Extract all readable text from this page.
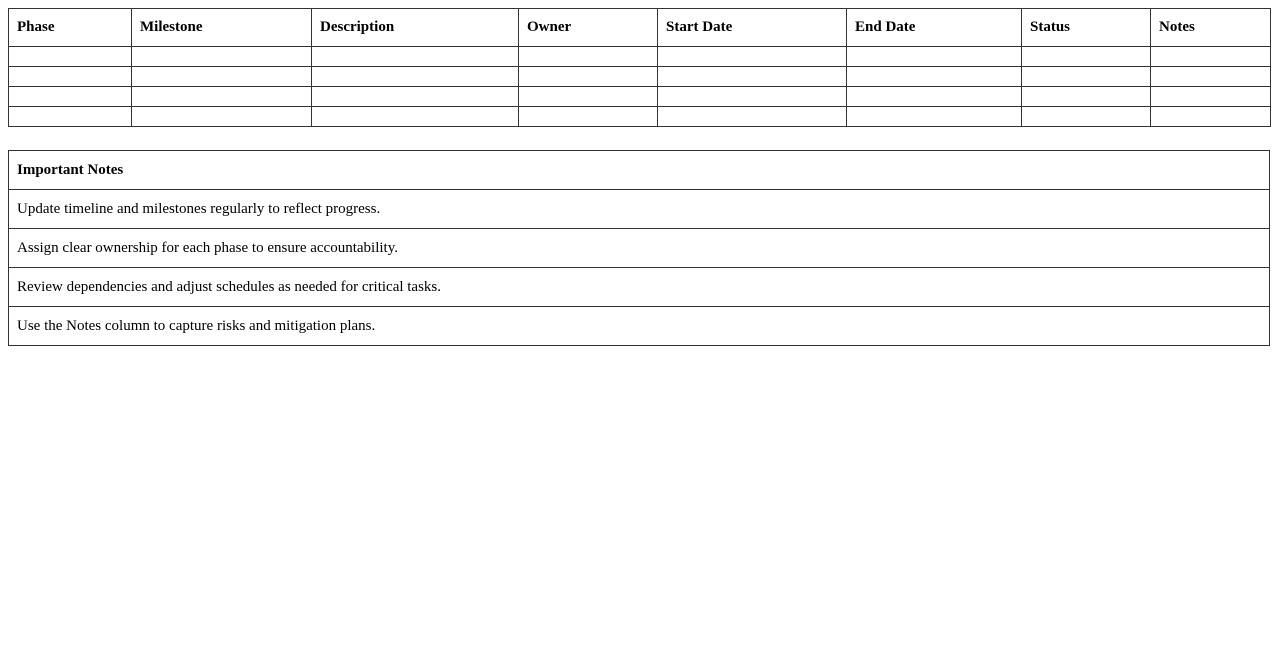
Phase	Milestone	Description	Owner	Start Date	End Date	Status	Notes

Important Notes
Update timeline and milestones regularly to reflect progress.
Assign clear ownership for each phase to ensure accountability.
Review dependencies and adjust schedules as needed for critical tasks.
Use the Notes column to capture risks and mitigation plans.
